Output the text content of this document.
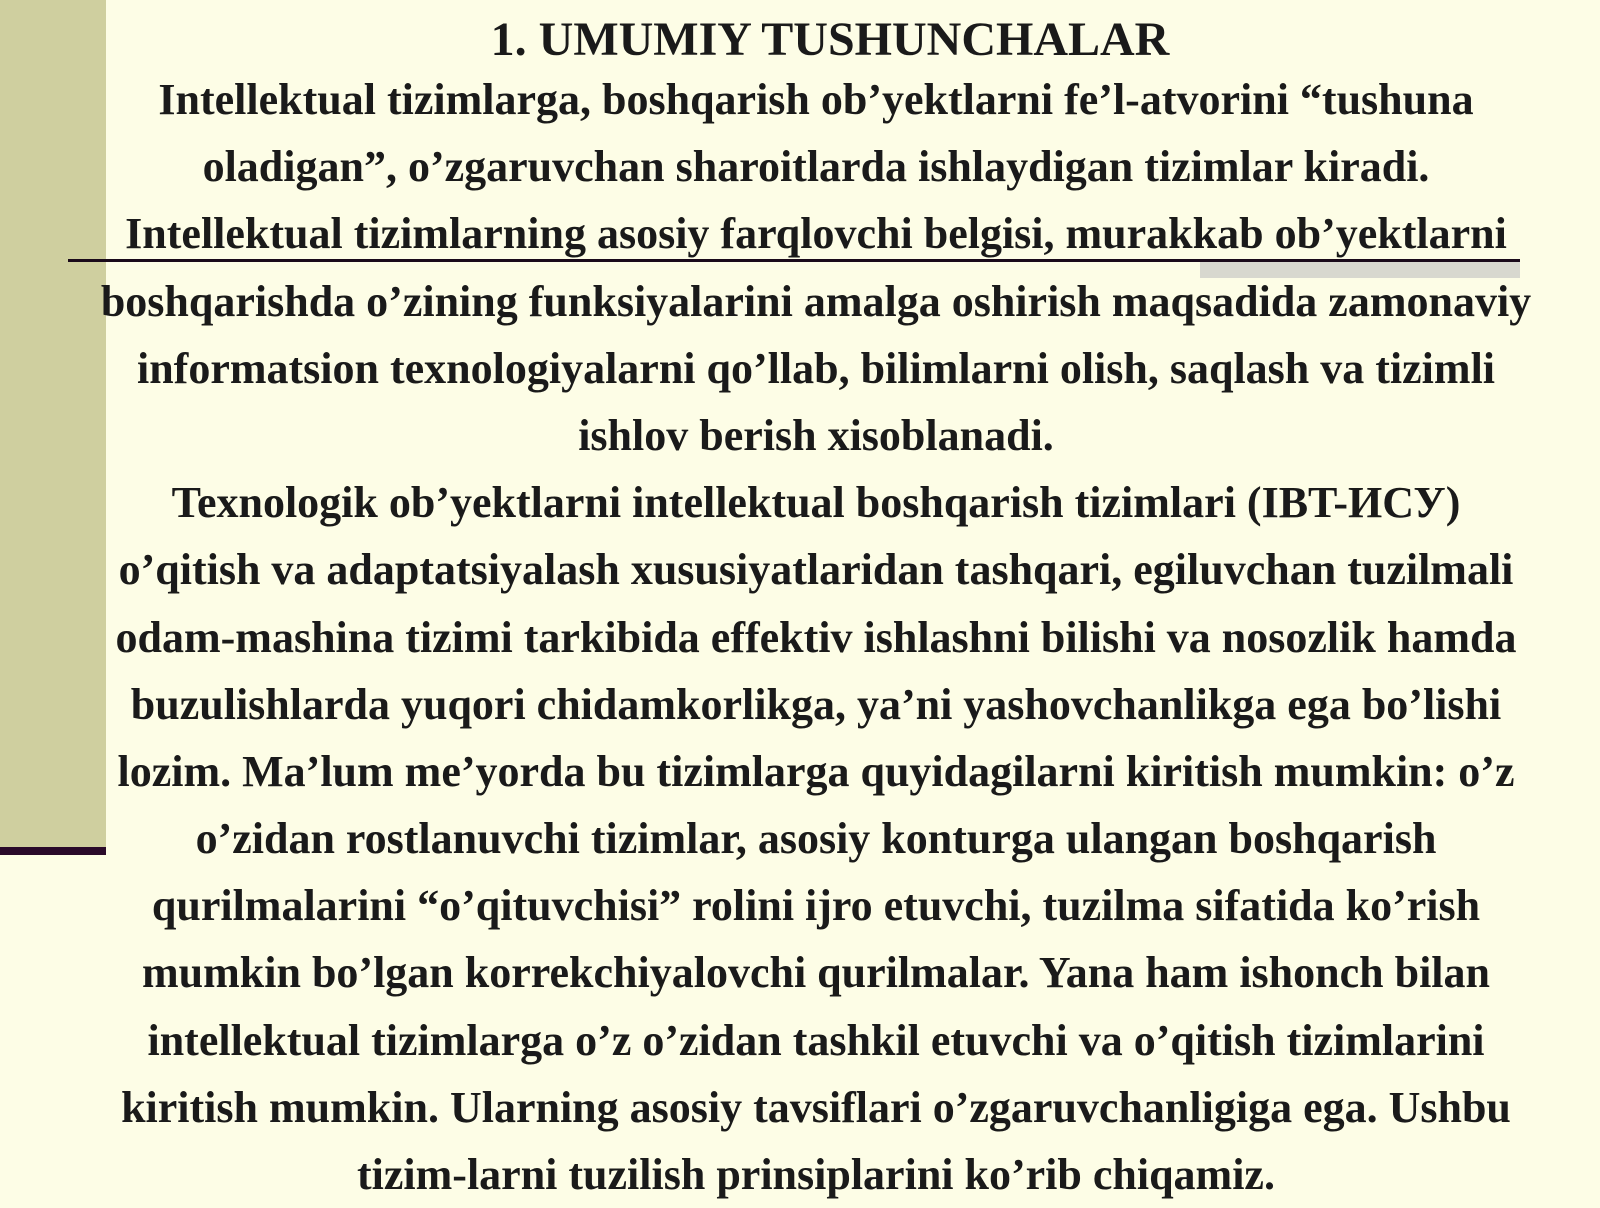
1. UMUMIY TUSHUNCHALAR
Intellektual tizimlarga, boshqarish ob’yektlarni fe’l-atvorini “tushuna
oladigan”, o’zgaruvchan sharoitlarda ishlaydigan tizimlar kiradi.
Intellektual tizimlarning asosiy farqlovchi belgisi, murakkab ob’yektlarni
boshqarishda o’zining funksiyalarini amalga oshirish maqsadida zamonaviy
informatsion texnologiyalarni qo’llab, bilimlarni olish, saqlash va tizimli
ishlov berish xisoblanadi.
Texnologik ob’yektlarni intellektual boshqarish tizimlari (IBT-ИСУ)
o’qitish va adaptatsiyalash xususiyatlaridan tashqari, egiluvchan tuzilmali
odam-mashina tizimi tarkibida effektiv ishlashni bilishi va nosozlik hamda
buzulishlarda yuqori chidamkorlikga, ya’ni yashovchanlikga ega bo’lishi
lozim. Ma’lum me’yorda bu tizimlarga quyidagilarni kiritish mumkin: o’z
o’zidan rostlanuvchi tizimlar, asosiy konturga ulangan boshqarish
qurilmalarini “o’qituvchisi” rolini ijro etuvchi, tuzilma sifatida ko’rish
mumkin bo’lgan korrekchiyalovchi qurilmalar. Yana ham ishonch bilan
intellektual tizimlarga o’z o’zidan tashkil etuvchi va o’qitish tizimlarini
kiritish mumkin. Ularning asosiy tavsiflari o’zgaruvchanligiga ega. Ushbu
tizim-larni tuzilish prinsiplarini ko’rib chiqamiz.
